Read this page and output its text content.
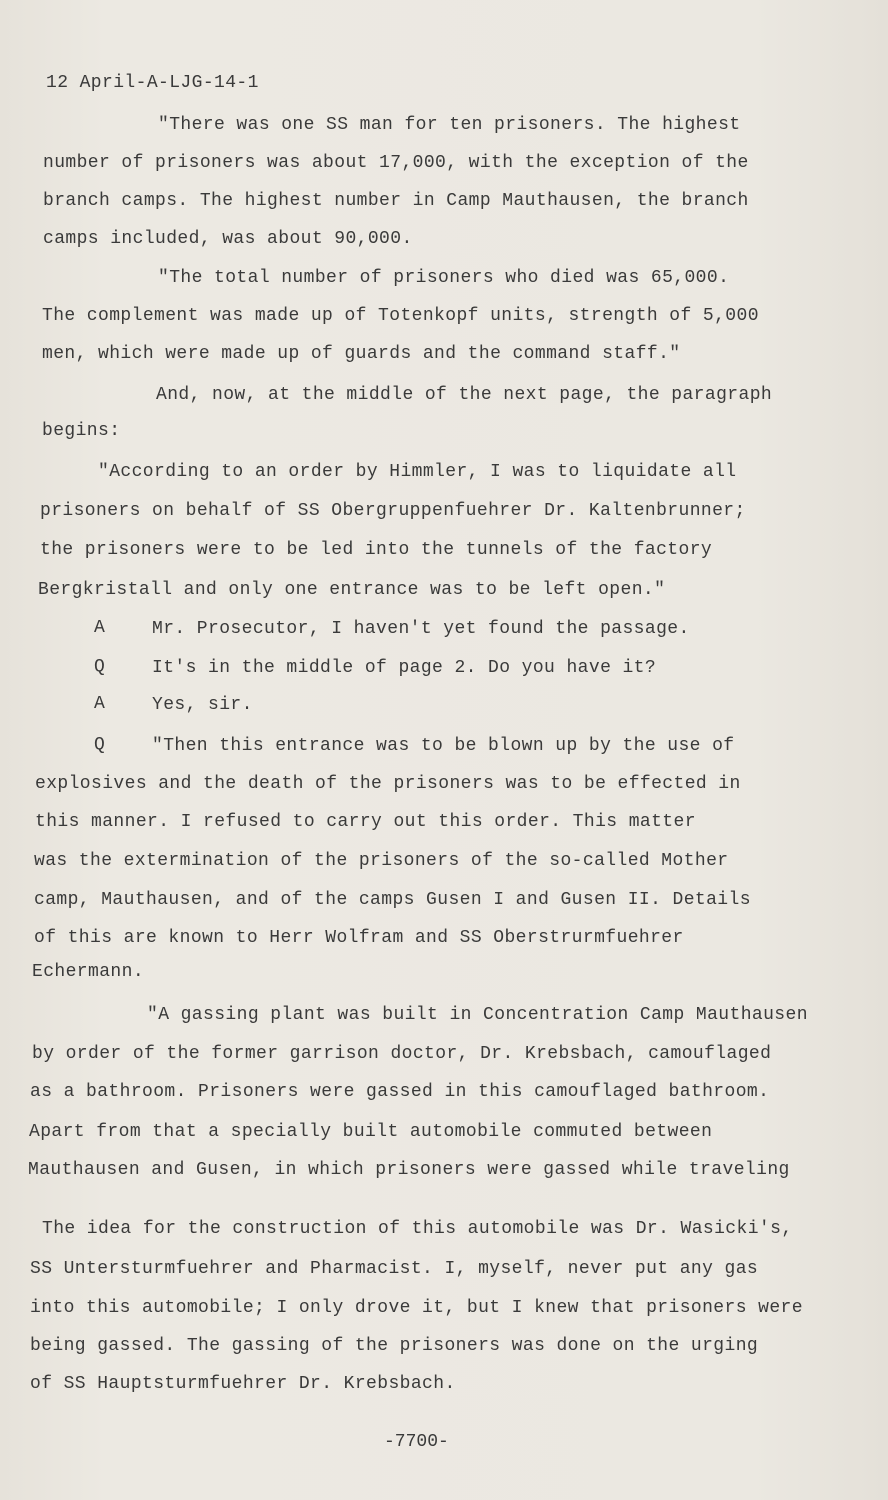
12 April-A-LJG-14-1
"There was one SS man for ten prisoners. The highest
number of prisoners was about 17,000, with the exception of the
branch camps. The highest number in Camp Mauthausen, the branch
camps included, was about 90,000.
"The total number of prisoners who died was 65,000.
The complement was made up of Totenkopf units, strength of 5,000
men, which were made up of guards and the command staff."
And, now, at the middle of the next page, the paragraph
begins:
"According to an order by Himmler, I was to liquidate all
prisoners on behalf of SS Obergruppenfuehrer Dr. Kaltenbrunner;
the prisoners were to be led into the tunnels of the factory
Bergkristall and only one entrance was to be left open."
A	Mr. Prosecutor, I haven't yet found the passage.
Q	It's in the middle of page 2. Do you have it?
A	Yes, sir.
Q	"Then this entrance was to be blown up by the use of
explosives and the death of the prisoners was to be effected in
this manner. I refused to carry out this order. This matter
was the extermination of the prisoners of the so-called Mother
camp, Mauthausen, and of the camps Gusen I and Gusen II. Details
of this are known to Herr Wolfram and SS Oberstrurmfuehrer
Echermann.
"A gassing plant was built in Concentration Camp Mauthausen
by order of the former garrison doctor, Dr. Krebsbach, camouflaged
as a bathroom. Prisoners were gassed in this camouflaged bathroom.
Apart from that a specially built automobile commuted between
Mauthausen and Gusen, in which prisoners were gassed while traveling
The idea for the construction of this automobile was Dr. Wasicki's,
SS Untersturmfuehrer and Pharmacist. I, myself, never put any gas
into this automobile; I only drove it, but I knew that prisoners were
being gassed. The gassing of the prisoners was done on the urging
of SS Hauptsturmfuehrer Dr. Krebsbach.
-7700-
